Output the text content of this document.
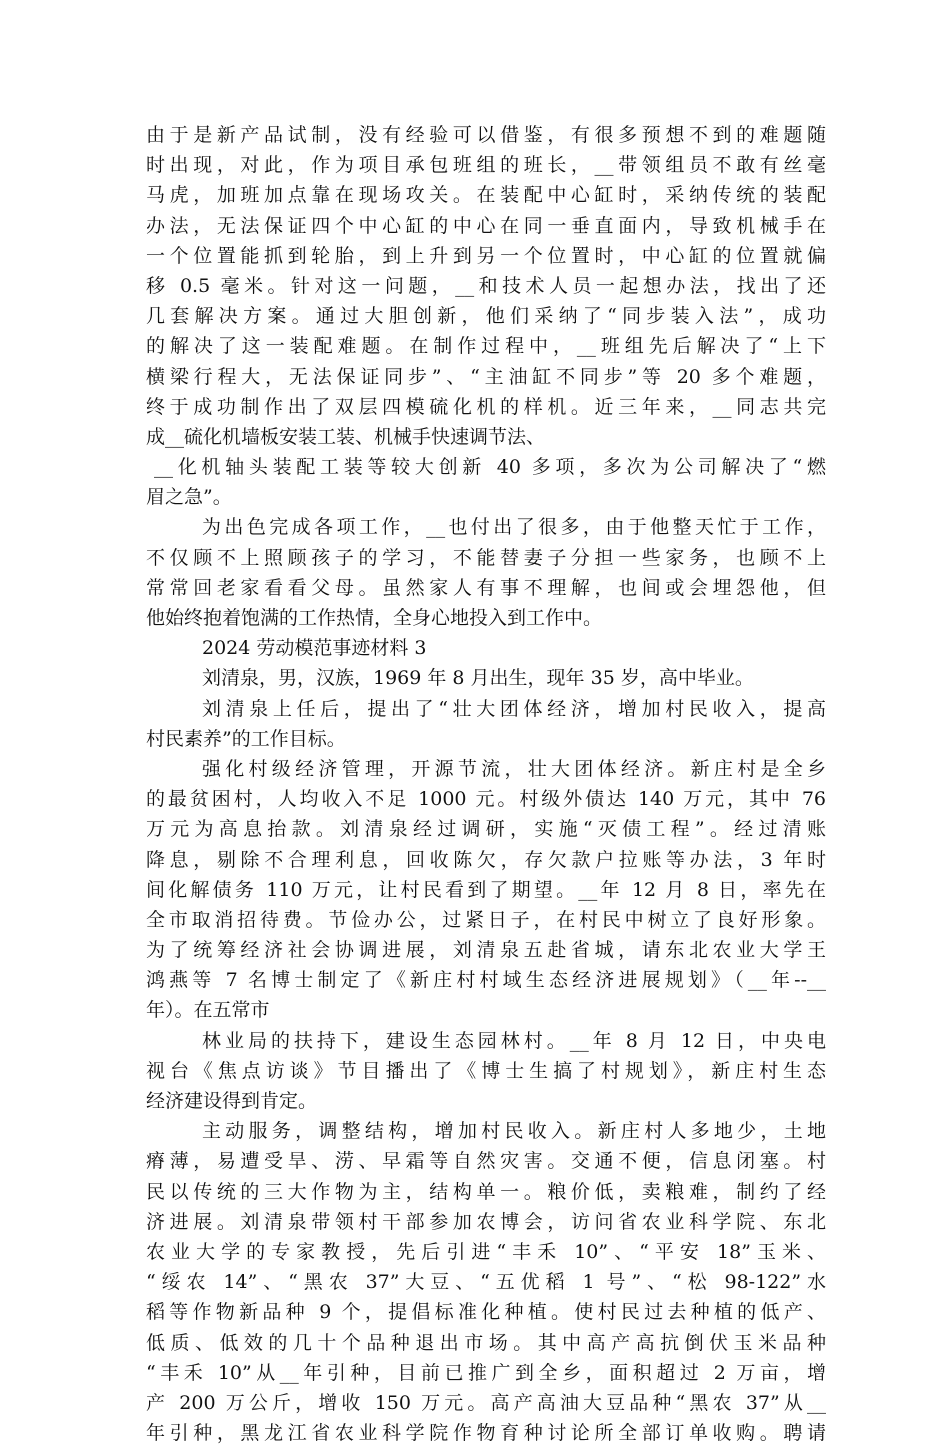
由于是新产品试制，没有经验可以借鉴，有很多预想不到的难题随
时出现，对此，作为项目承包班组的班长，__带领组员不敢有丝毫
马虎，加班加点靠在现场攻关。在装配中心缸时，采纳传统的装配
办法，无法保证四个中心缸的中心在同一垂直面内，导致机械手在
一个位置能抓到轮胎，到上升到另一个位置时，中心缸的位置就偏
移 0.5 毫米。针对这一问题，__和技术人员一起想办法，找出了还
几套解决方案。通过大胆创新，他们采纳了“同步装入法”，成功
的解决了这一装配难题。在制作过程中，__班组先后解决了“上下
横梁行程大，无法保证同步”、“主油缸不同步”等 20 多个难题，
终于成功制作出了双层四模硫化机的样机。近三年来，__同志共完
成__硫化机墙板安装工装、机械手快速调节法、
__化机轴头装配工装等较大创新 40 多项，多次为公司解决了“燃
眉之急”。
为出色完成各项工作，__也付出了很多，由于他整天忙于工作，
不仅顾不上照顾孩子的学习，不能替妻子分担一些家务，也顾不上
常常回老家看看父母。虽然家人有事不理解，也间或会埋怨他，但
他始终抱着饱满的工作热情，全身心地投入到工作中。
2024 劳动模范事迹材料 3
刘清泉，男，汉族，1969 年 8 月出生，现年 35 岁，高中毕业。
刘清泉上任后，提出了“壮大团体经济，增加村民收入，提高
村民素养”的工作目标。
强化村级经济管理，开源节流，壮大团体经济。新庄村是全乡
的最贫困村，人均收入不足 1000 元。村级外债达 140 万元，其中 76
万元为高息抬款。刘清泉经过调研，实施“灭债工程”。经过清账
降息，剔除不合理利息，回收陈欠，存欠款户拉账等办法，3 年时
间化解债务 110 万元，让村民看到了期望。__年 12 月 8 日，率先在
全市取消招待费。节俭办公，过紧日子，在村民中树立了良好形象。
为了统筹经济社会协调进展，刘清泉五赴省城，请东北农业大学王
鸿燕等 7 名博士制定了《新庄村村域生态经济进展规划》（__年--__
年）。在五常市
林业局的扶持下，建设生态园林村。__年 8 月 12 日，中央电
视台《焦点访谈》节目播出了《博士生搞了村规划》，新庄村生态
经济建设得到肯定。
主动服务，调整结构，增加村民收入。新庄村人多地少，土地
瘠薄，易遭受旱、涝、早霜等自然灾害。交通不便，信息闭塞。村
民以传统的三大作物为主，结构单一。粮价低，卖粮难，制约了经
济进展。刘清泉带领村干部参加农博会，访问省农业科学院、东北
农业大学的专家教授，先后引进“丰禾 10”、“平安 18”玉米、
“绥农 14”、“黑农 37”大豆、“五优稻 1 号”、“松 98-122”水
稻等作物新品种 9 个，提倡标准化种植。使村民过去种植的低产、
低质、低效的几十个品种退出市场。其中高产高抗倒伏玉米品种
“丰禾 10”从__年引种，目前已推广到全乡，面积超过 2 万亩，增
产 200 万公斤，增收 150 万元。高产高油大豆品种“黑农 37”从__
年引种，黑龙江省农业科学院作物育种讨论所全部订单收购。聘请
